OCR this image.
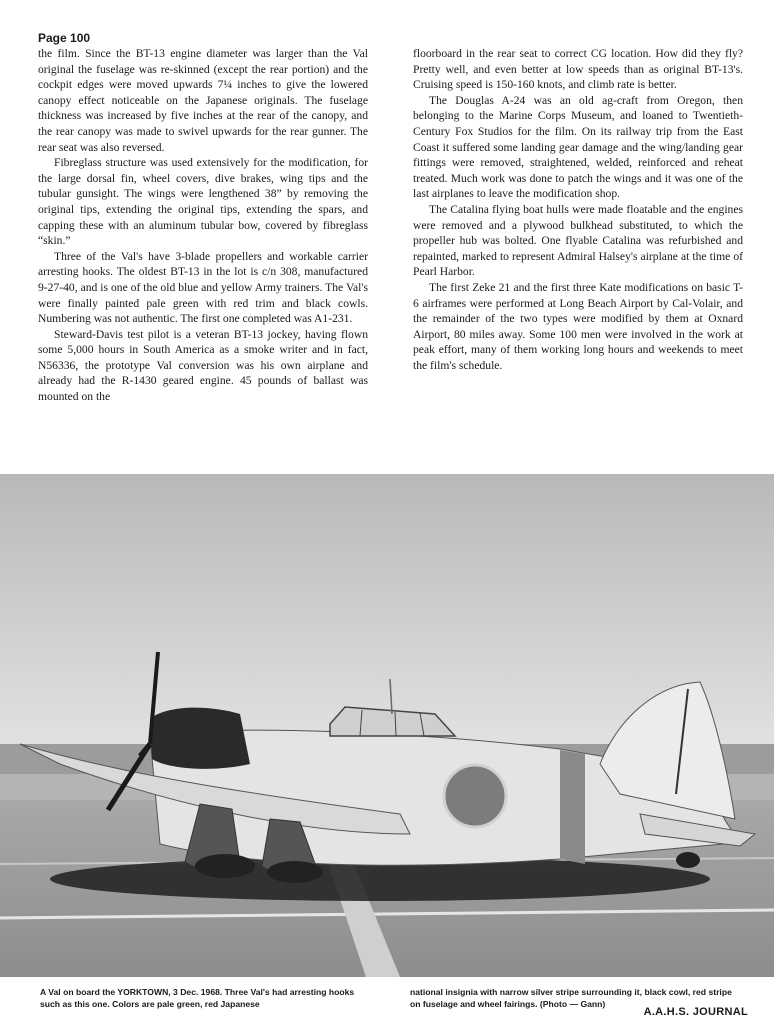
Page 100

the film. Since the BT-13 engine diameter was larger than the Val original the fuselage was re-skinned (except the rear portion) and the cockpit edges were moved upwards 7¼ inches to give the lowered canopy effect noticeable on the Japanese originals. The fuselage thickness was increased by five inches at the rear of the canopy, and the rear canopy was made to swivel upwards for the rear gunner. The rear seat was also reversed.

Fibreglass structure was used extensively for the modification, for the large dorsal fin, wheel covers, dive brakes, wing tips and the tubular gunsight. The wings were lengthened 38” by removing the original tips, extending the original tips, extending the spars, and capping these with an aluminum tubular bow, covered by fibreglass “skin.”

Three of the Val's have 3-blade propellers and workable carrier arresting hooks. The oldest BT-13 in the lot is c/n 308, manufactured 9-27-40, and is one of the old blue and yellow Army trainers. The Val's were finally painted pale green with red trim and black cowls. Numbering was not authentic. The first one completed was A1-231.

Steward-Davis test pilot is a veteran BT-13 jockey, having flown some 5,000 hours in South America as a smoke writer and in fact, N56336, the prototype Val conversion was his own airplane and already had the R-1430 geared engine. 45 pounds of ballast was mounted on the

floorboard in the rear seat to correct CG location. How did they fly? Pretty well, and even better at low speeds than as original BT-13's. Cruising speed is 150-160 knots, and climb rate is better.

The Douglas A-24 was an old ag-craft from Oregon, then belonging to the Marine Corps Museum, and loaned to Twentieth-Century Fox Studios for the film. On its railway trip from the East Coast it suffered some landing gear damage and the wing/landing gear fittings were removed, straightened, welded, reinforced and reheat treated. Much work was done to patch the wings and it was one of the last airplanes to leave the modification shop.

The Catalina flying boat hulls were made floatable and the engines were removed and a plywood bulkhead substituted, to which the propeller hub was bolted. One flyable Catalina was refurbished and repainted, marked to represent Admiral Halsey's airplane at the time of Pearl Harbor.

The first Zeke 21 and the first three Kate modifications on basic T-6 airframes were performed at Long Beach Airport by Cal-Volair, and the remainder of the two types were modified by them at Oxnard Airport, 80 miles away. Some 100 men were involved in the work at peak effort, many of them working long hours and weekends to meet the film's schedule.

A Val on board the YORKTOWN, 3 Dec. 1968. Three Val's had arresting hooks such as this one. Colors are pale green, red Japanese
national insignia with narrow silver stripe surrounding it, black cowl, red stripe on fuselage and wheel fairings. (Photo — Gann)
A.A.H.S. JOURNAL
